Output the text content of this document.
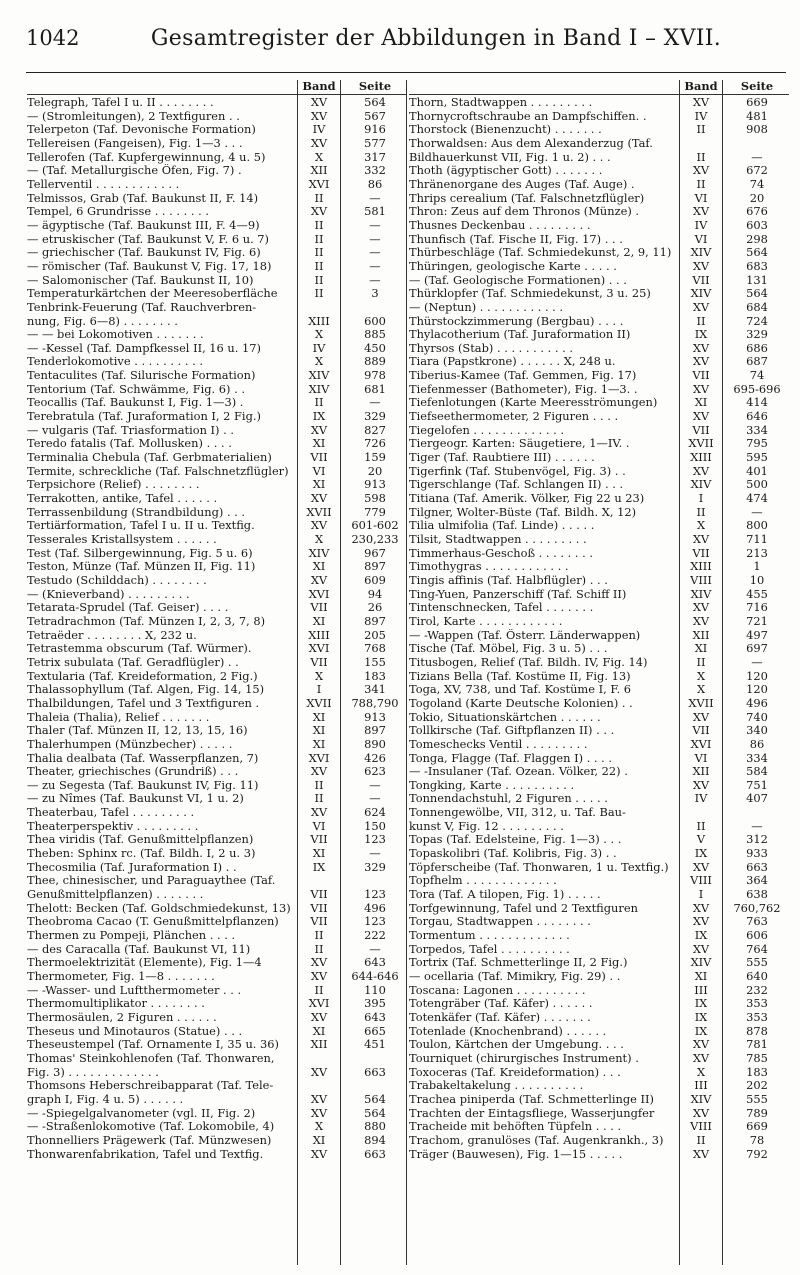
1042	Gesamtregister der Abbildungen in Band I – XVII.
Band	Seite
Telegraph, Tafel I u. II . . . . . . . .	XV	564
— (Stromleitungen), 2 Textfiguren . .	XV	567
Telerpeton (Taf. Devonische Formation)	IV	916
Tellereisen (Fangeisen), Fig. 1—3 . . .	XV	577
Tellerofen (Taf. Kupfergewinnung, 4 u. 5)	X	317
— (Taf. Metallurgische Öfen, Fig. 7) .	XII	332
Tellerventil . . . . . . . . . . . .	XVI	86
Telmissos, Grab (Taf. Baukunst II, F. 14)	II	—
Tempel, 6 Grundrisse . . . . . . . .	XV	581
— ägyptische (Taf. Baukunst III, F. 4—9)	II	—
— etruskischer (Taf. Baukunst V, F. 6 u. 7)	II	—
— griechischer (Taf. Baukunst IV, Fig. 6)	II	—
— römischer (Taf. Baukunst V, Fig. 17, 18)	II	—
— Salomonischer (Taf. Baukunst II, 10)	II	—
Temperaturkärtchen der Meeresoberfläche	II	3
Tenbrink-Feuerung (Taf. Rauchverbren-
nung, Fig. 6—8) . . . . . . . .	XIII	600
— — bei Lokomotiven . . . . . . .	X	885
— -Kessel (Taf. Dampfkessel II, 16 u. 17)	IV	450
Tenderlokomotive . . . . . . . . . .	X	889
Tentaculites (Taf. Silurische Formation)	XIV	978
Tentorium (Taf. Schwämme, Fig. 6) . .	XIV	681
Teocallis (Taf. Baukunst I, Fig. 1—3) .	II	—
Terebratula (Taf. Juraformation I, 2 Fig.)	IX	329
— vulgaris (Taf. Triasformation I) . .	XV	827
Teredo fatalis (Taf. Mollusken) . . . .	XI	726
Terminalia Chebula (Taf. Gerbmaterialien)	VII	159
Termite, schreckliche (Taf. Falschnetzflügler)	VI	20
Terpsichore (Relief) . . . . . . . .	XI	913
Terrakotten, antike, Tafel . . . . . .	XV	598
Terrassenbildung (Strandbildung) . . .	XVII	779
Tertiärformation, Tafel I u. II u. Textfig.	XV	601-602
Tesserales Kristallsystem . . . . . .	X	230,233
Test (Taf. Silbergewinnung, Fig. 5 u. 6)	XIV	967
Teston, Münze (Taf. Münzen II, Fig. 11)	XI	897
Testudo (Schilddach) . . . . . . . .	XV	609
— (Knieverband) . . . . . . . . .	XVI	94
Tetarata-Sprudel (Taf. Geiser) . . . .	VII	26
Tetradrachmon (Taf. Münzen I, 2, 3, 7, 8)	XI	897
Tetraëder . . . . . . . . X, 232 u.	XIII	205
Tetrastemma obscurum (Taf. Würmer).	XVI	768
Tetrix subulata (Taf. Geradflügler) . .	VII	155
Textularia (Taf. Kreideformation, 2 Fig.)	X	183
Thalassophyllum (Taf. Algen, Fig. 14, 15)	I	341
Thalbildungen, Tafel und 3 Textfiguren .	XVII	788,790
Thaleia (Thalia), Relief . . . . . . .	XI	913
Thaler (Taf. Münzen II, 12, 13, 15, 16)	XI	897
Thalerhumpen (Münzbecher) . . . . .	XI	890
Thalia dealbata (Taf. Wasserpflanzen, 7)	XVI	426
Theater, griechisches (Grundriß) . . .	XV	623
— zu Segesta (Taf. Baukunst IV, Fig. 11)	II	—
— zu Nîmes (Taf. Baukunst VI, 1 u. 2)	II	—
Theaterbau, Tafel . . . . . . . . .	XV	624
Theaterperspektiv . . . . . . . . .	VI	150
Thea viridis (Taf. Genußmittelpflanzen)	VII	123
Theben: Sphinx rc. (Taf. Bildh. I, 2 u. 3)	XI	—
Thecosmilia (Taf. Juraformation I) . .	IX	329
Thee, chinesischer, und Paraguaythee (Taf.
Genußmittelpflanzen) . . . . . . .	VII	123
Thelott: Becken (Taf. Goldschmiedekunst, 13)	VII	496
Theobroma Cacao (T. Genußmittelpflanzen)	VII	123
Thermen zu Pompeji, Plänchen . . . .	II	222
— des Caracalla (Taf. Baukunst VI, 11)	II	—
Thermoelektrizität (Elemente), Fig. 1—4	XV	643
Thermometer, Fig. 1—8 . . . . . . .	XV	644-646
— -Wasser- und Luftthermometer . . .	II	110
Thermomultiplikator . . . . . . . .	XVI	395
Thermosäulen, 2 Figuren . . . . . .	XV	643
Theseus und Minotauros (Statue) . . .	XI	665
Theseustempel (Taf. Ornamente I, 35 u. 36)	XII	451
Thomas' Steinkohlenofen (Taf. Thonwaren,
Fig. 3) . . . . . . . . . . . . .	XV	663
Thomsons Heberschreibapparat (Taf. Tele-
graph I, Fig. 4 u. 5) . . . . . .	XV	564
— -Spiegelgalvanometer (vgl. II, Fig. 2)	XV	564
— -Straßenlokomotive (Taf. Lokomobile, 4)	X	880
Thonnelliers Prägewerk (Taf. Münzwesen)	XI	894
Thonwarenfabrikation, Tafel und Textfig.	XV	663
Band	Seite
Thorn, Stadtwappen . . . . . . . . .	XV	669
Thornycroftschraube an Dampfschiffen. .	IV	481
Thorstock (Bienenzucht) . . . . . . .	II	908
Thorwaldsen: Aus dem Alexanderzug (Taf.
Bildhauerkunst VII, Fig. 1 u. 2) . . .	II	—
Thoth (ägyptischer Gott) . . . . . . .	XV	672
Thränenorgane des Auges (Taf. Auge) .	II	74
Thrips cerealium (Taf. Falschnetzflügler)	VI	20
Thron: Zeus auf dem Thronos (Münze) .	XV	676
Thusnes Deckenbau . . . . . . . . .	IV	603
Thunfisch (Taf. Fische II, Fig. 17) . . .	VI	298
Thürbeschläge (Taf. Schmiedekunst, 2, 9, 11)	XIV	564
Thüringen, geologische Karte . . . . .	XV	683
— (Taf. Geologische Formationen) . . .	VII	131
Thürklopfer (Taf. Schmiedekunst, 3 u. 25)	XIV	564
— (Neptun) . . . . . . . . . . . .	XV	684
Thürstockzimmerung (Bergbau) . . . .	II	724
Thylacotherium (Taf. Juraformation II)	IX	329
Thyrsos (Stab) . . . . . . . . . . .	XV	686
Tiara (Papstkrone) . . . . . . X, 248 u.	XV	687
Tiberius-Kamee (Taf. Gemmen, Fig. 17)	VII	74
Tiefenmesser (Bathometer), Fig. 1—3. .	XV	695-696
Tiefenlotungen (Karte Meeresströmungen)	XI	414
Tiefseethermometer, 2 Figuren . . . .	XV	646
Tiegelofen . . . . . . . . . . . . .	VII	334
Tiergeogr. Karten: Säugetiere, 1—IV. .	XVII	795
Tiger (Taf. Raubtiere III) . . . . . .	XIII	595
Tigerfink (Taf. Stubenvögel, Fig. 3) . .	XV	401
Tigerschlange (Taf. Schlangen II) . . .	XIV	500
Titiana (Taf. Amerik. Völker, Fig 22 u 23)	I	474
Tilgner, Wolter-Büste (Taf. Bildh. X, 12)	II	—
Tilia ulmifolia (Taf. Linde) . . . . .	X	800
Tilsit, Stadtwappen . . . . . . . . .	XV	711
Timmerhaus-Geschoß . . . . . . . .	VII	213
Timothygras . . . . . . . . . . . .	XIII	1
Tingis affinis (Taf. Halbflügler) . . .	VIII	10
Ting-Yuen, Panzerschiff (Taf. Schiff II)	XIV	455
Tintenschnecken, Tafel . . . . . . .	XV	716
Tirol, Karte . . . . . . . . . . . .	XV	721
— -Wappen (Taf. Österr. Länderwappen)	XII	497
Tische (Taf. Möbel, Fig. 3 u. 5) . . .	XI	697
Titusbogen, Relief (Taf. Bildh. IV, Fig. 14)	II	—
Tizians Bella (Taf. Kostüme II, Fig. 13)	X	120
Toga, XV, 738, und Taf. Kostüme I, F. 6	X	120
Togoland (Karte Deutsche Kolonien) . .	XVII	496
Tokio, Situationskärtchen . . . . . .	XV	740
Tollkirsche (Taf. Giftpflanzen II) . . .	VII	340
Tomeschecks Ventil . . . . . . . . .	XVI	86
Tonga, Flagge (Taf. Flaggen I) . . . .	VI	334
— -Insulaner (Taf. Ozean. Völker, 22) .	XII	584
Tongking, Karte . . . . . . . . . .	XV	751
Tonnendachstuhl, 2 Figuren . . . . .	IV	407
Tonnengewölbe, VII, 312, u. Taf. Bau-
kunst V, Fig. 12 . . . . . . . . .	II	—
Topas (Taf. Edelsteine, Fig. 1—3) . . .	V	312
Topaskolibri (Taf. Kolibris, Fig. 3) . .	IX	933
Töpferscheibe (Taf. Thonwaren, 1 u. Textfig.)	XV	663
Topfhelm . . . . . . . . . . . . .	VIII	364
Tora (Taf. A tilopen, Fig. 1) . . . . .	I	638
Torfgewinnung, Tafel und 2 Textfiguren	XV	760,762
Torgau, Stadtwappen . . . . . . . .	XV	763
Tormentum . . . . . . . . . . . . .	IX	606
Torpedos, Tafel . . . . . . . . . .	XV	764
Tortrix (Taf. Schmetterlinge II, 2 Fig.)	XIV	555
— ocellaria (Taf. Mimikry, Fig. 29) . .	XI	640
Toscana: Lagonen . . . . . . . . . .	III	232
Totengräber (Taf. Käfer) . . . . . .	IX	353
Totenkäfer (Taf. Käfer) . . . . . . .	IX	353
Totenlade (Knochenbrand) . . . . . .	IX	878
Toulon, Kärtchen der Umgebung. . . .	XV	781
Tourniquet (chirurgisches Instrument) .	XV	785
Toxoceras (Taf. Kreideformation) . . .	X	183
Trabakeltakelung . . . . . . . . . .	III	202
Trachea piniperda (Taf. Schmetterlinge II)	XIV	555
Trachten der Eintagsfliege, Wasserjungfer	XV	789
Tracheide mit behöften Tüpfeln . . . .	VIII	669
Trachom, granulöses (Taf. Augenkrankh., 3)	II	78
Träger (Bauwesen), Fig. 1—15 . . . . .	XV	792
